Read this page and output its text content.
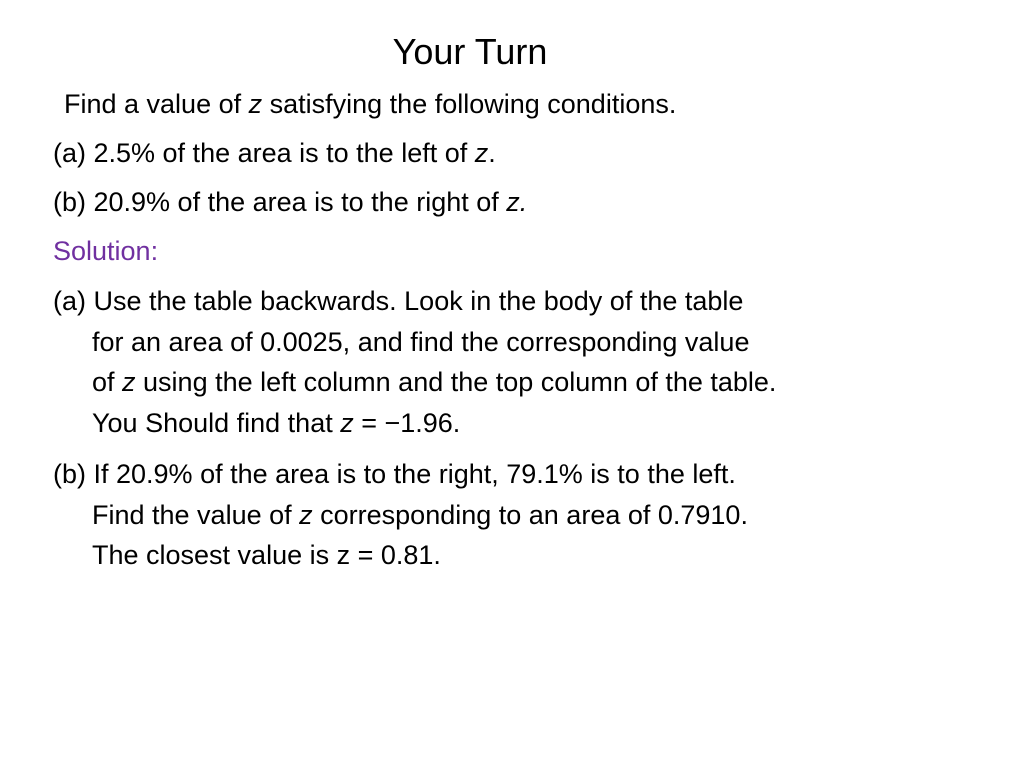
Your Turn
Find a value of z satisfying the following conditions.
(a) 2.5% of the area is to the left of z.
(b) 20.9% of the area is to the right of z.
Solution:
(a) Use the table backwards. Look in the body of the table
for an area of 0.0025, and find the corresponding value
of z using the left column and the top column of the table.
You Should find that z = −1.96.
(b) If 20.9% of the area is to the right, 79.1% is to the left.
Find the value of z corresponding to an area of 0.7910.
The closest value is z = 0.81.
